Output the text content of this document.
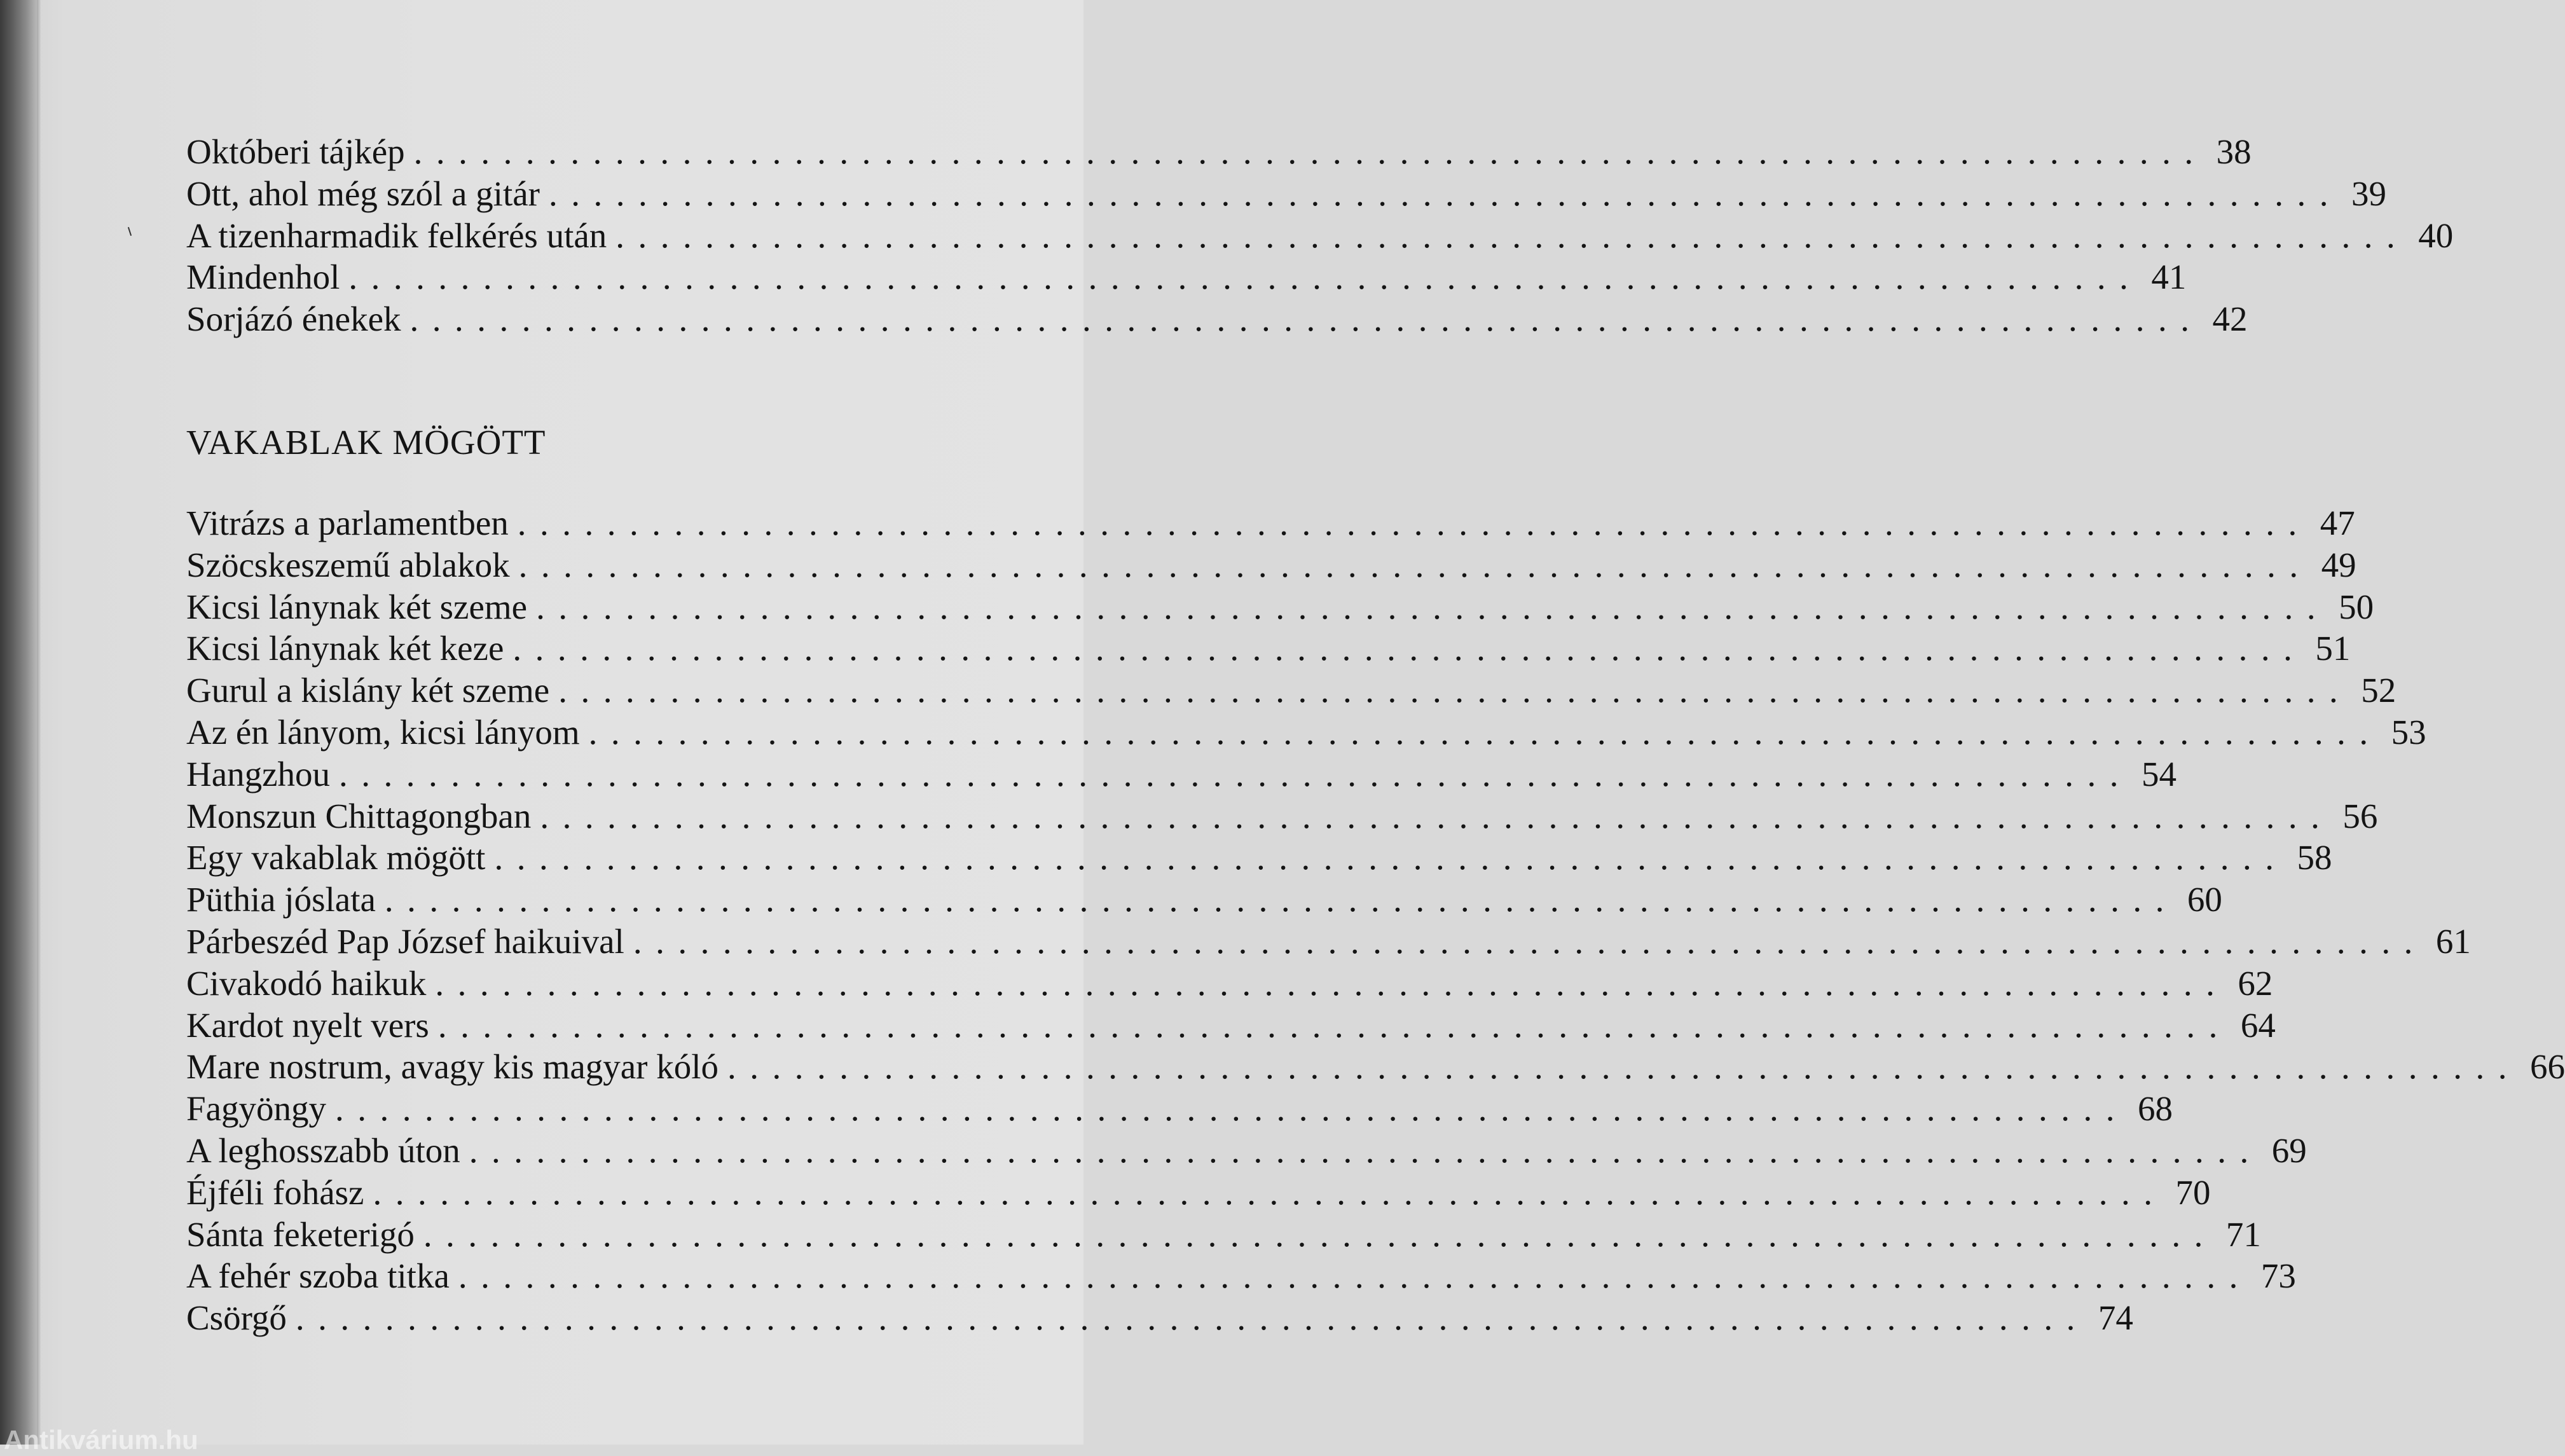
Októberi tájkép ................................................................................ 38
Ott, ahol még szól a gitár ................................................................................ 39
A tizenharmadik felkérés után ................................................................................ 40
Mindenhol ................................................................................ 41
Sorjázó énekek ................................................................................ 42
VAKABLAK MÖGÖTT
Vitrázs a parlamentben ................................................................................ 47
Szöcskeszemű ablakok ................................................................................ 49
Kicsi lánynak két szeme ................................................................................ 50
Kicsi lánynak két keze ................................................................................ 51
Gurul a kislány két szeme ................................................................................ 52
Az én lányom, kicsi lányom ................................................................................ 53
Hangzhou ................................................................................ 54
Monszun Chittagongban ................................................................................ 56
Egy vakablak mögött ................................................................................ 58
Püthia jóslata ................................................................................ 60
Párbeszéd Pap József haikuival ................................................................................ 61
Civakodó haikuk ................................................................................ 62
Kardot nyelt vers ................................................................................ 64
Mare nostrum, avagy kis magyar kóló ................................................................................ 66
Fagyöngy ................................................................................ 68
A leghosszabb úton ................................................................................ 69
Éjféli fohász ................................................................................ 70
Sánta feketerigó ................................................................................ 71
A fehér szoba titka ................................................................................ 73
Csörgő ................................................................................ 74
Antikvárium.hu
